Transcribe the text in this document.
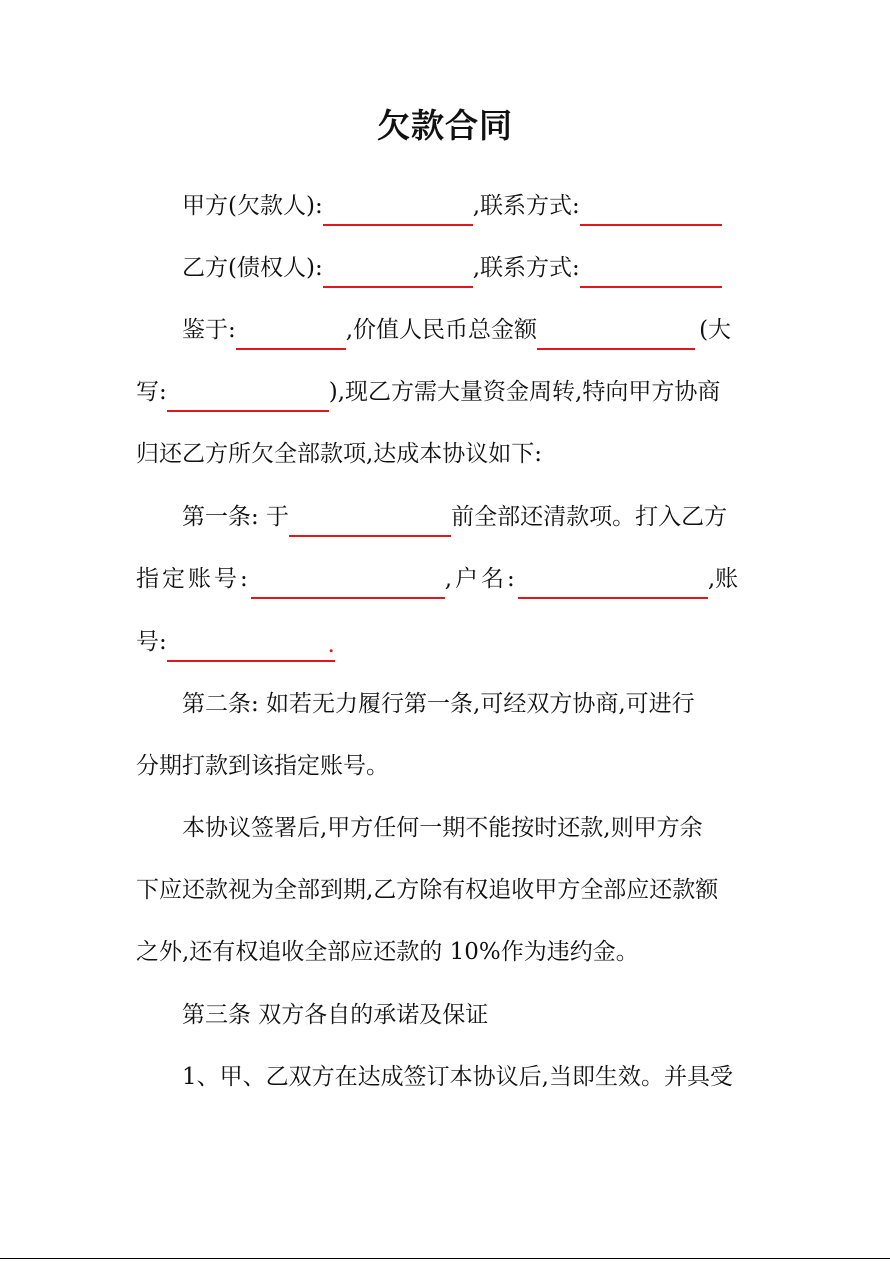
欠款合同
甲方(欠款人):	,联系方式:
乙方(债权人):	,联系方式:
鉴于:	,价值人民币总金额	(大
写:	),现乙方需大量资金周转,特向甲方协商
归还乙方所欠全部款项,达成本协议如下:
第一条: 于	前全部还清款项。打入乙方
指定账号:	,户名:	,账
号:	.
第二条: 如若无力履行第一条,可经双方协商,可进行
分期打款到该指定账号。
本协议签署后,甲方任何一期不能按时还款,则甲方余
下应还款视为全部到期,乙方除有权追收甲方全部应还款额
之外,还有权追收全部应还款的 10%作为违约金。
第三条 双方各自的承诺及保证
1、甲、乙双方在达成签订本协议后,当即生效。并具受
